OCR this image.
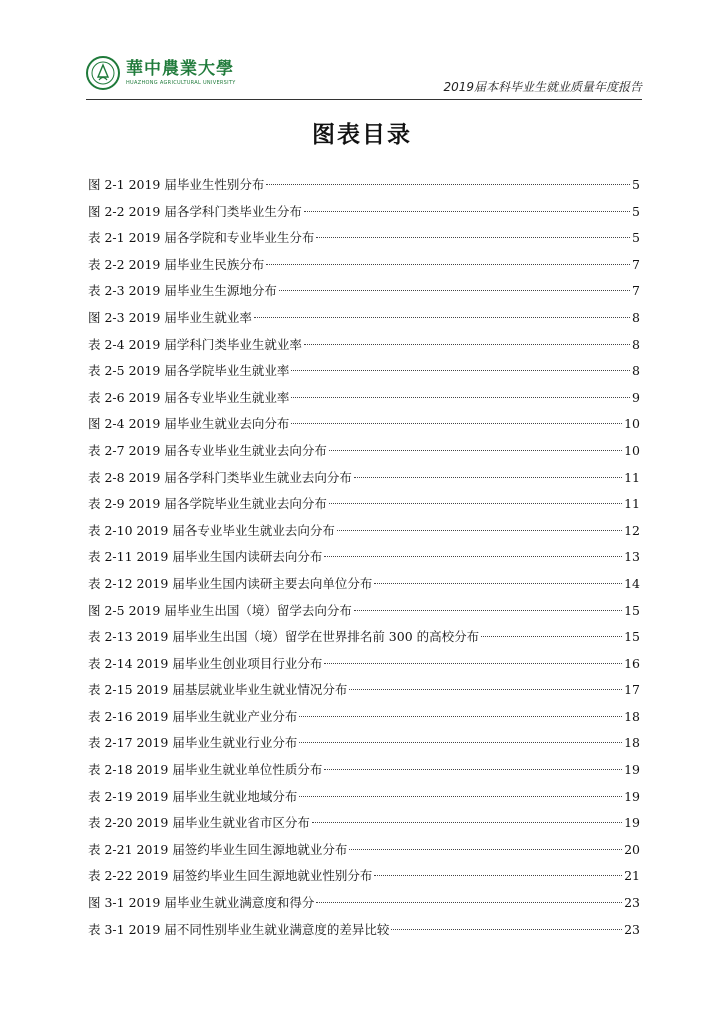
華中農業大學
HUAZHONG AGRICULTURAL UNIVERSITY	2019届本科毕业生就业质量年度报告
图表目录
图 2-1 2019 届毕业生性别分布	5
图 2-2 2019 届各学科门类毕业生分布	5
表 2-1 2019 届各学院和专业毕业生分布	5
表 2-2 2019 届毕业生民族分布	7
表 2-3 2019 届毕业生生源地分布	7
图 2-3 2019 届毕业生就业率	8
表 2-4 2019 届学科门类毕业生就业率	8
表 2-5 2019 届各学院毕业生就业率	8
表 2-6 2019 届各专业毕业生就业率	9
图 2-4 2019 届毕业生就业去向分布	10
表 2-7 2019 届各专业毕业生就业去向分布	10
表 2-8 2019 届各学科门类毕业生就业去向分布	11
表 2-9 2019 届各学院毕业生就业去向分布	11
表 2-10 2019 届各专业毕业生就业去向分布	12
表 2-11 2019 届毕业生国内读研去向分布	13
表 2-12 2019 届毕业生国内读研主要去向单位分布	14
图 2-5 2019 届毕业生出国（境）留学去向分布	15
表 2-13 2019 届毕业生出国（境）留学在世界排名前 300 的高校分布	15
表 2-14 2019 届毕业生创业项目行业分布	16
表 2-15 2019 届基层就业毕业生就业情况分布	17
表 2-16 2019 届毕业生就业产业分布	18
表 2-17 2019 届毕业生就业行业分布	18
表 2-18 2019 届毕业生就业单位性质分布	19
表 2-19 2019 届毕业生就业地域分布	19
表 2-20 2019 届毕业生就业省市区分布	19
表 2-21 2019 届签约毕业生回生源地就业分布	20
表 2-22 2019 届签约毕业生回生源地就业性别分布	21
图 3-1 2019 届毕业生就业满意度和得分	23
表 3-1 2019 届不同性别毕业生就业满意度的差异比较	23
